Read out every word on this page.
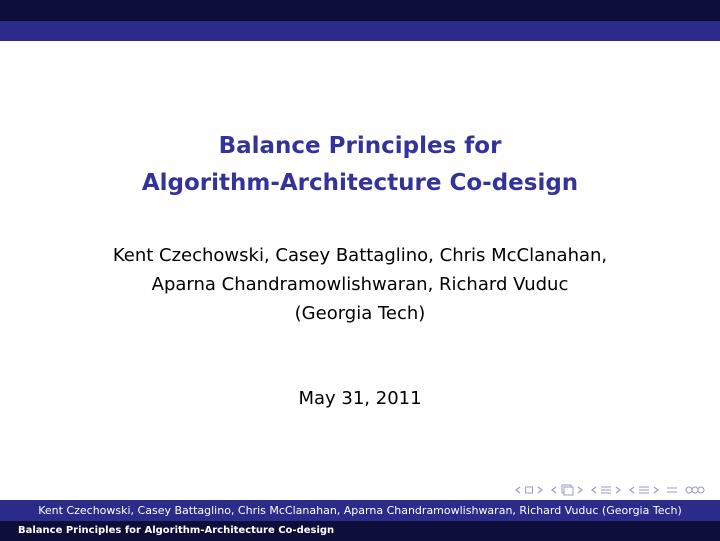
Balance Principles for
Algorithm-Architecture Co-design
Kent Czechowski, Casey Battaglino, Chris McClanahan,
Aparna Chandramowlishwaran, Richard Vuduc
(Georgia Tech)
May 31, 2011
Kent Czechowski, Casey Battaglino, Chris McClanahan, Aparna Chandramowlishwaran, Richard Vuduc (Georgia Tech)
Balance Principles for Algorithm-Architecture Co-design
